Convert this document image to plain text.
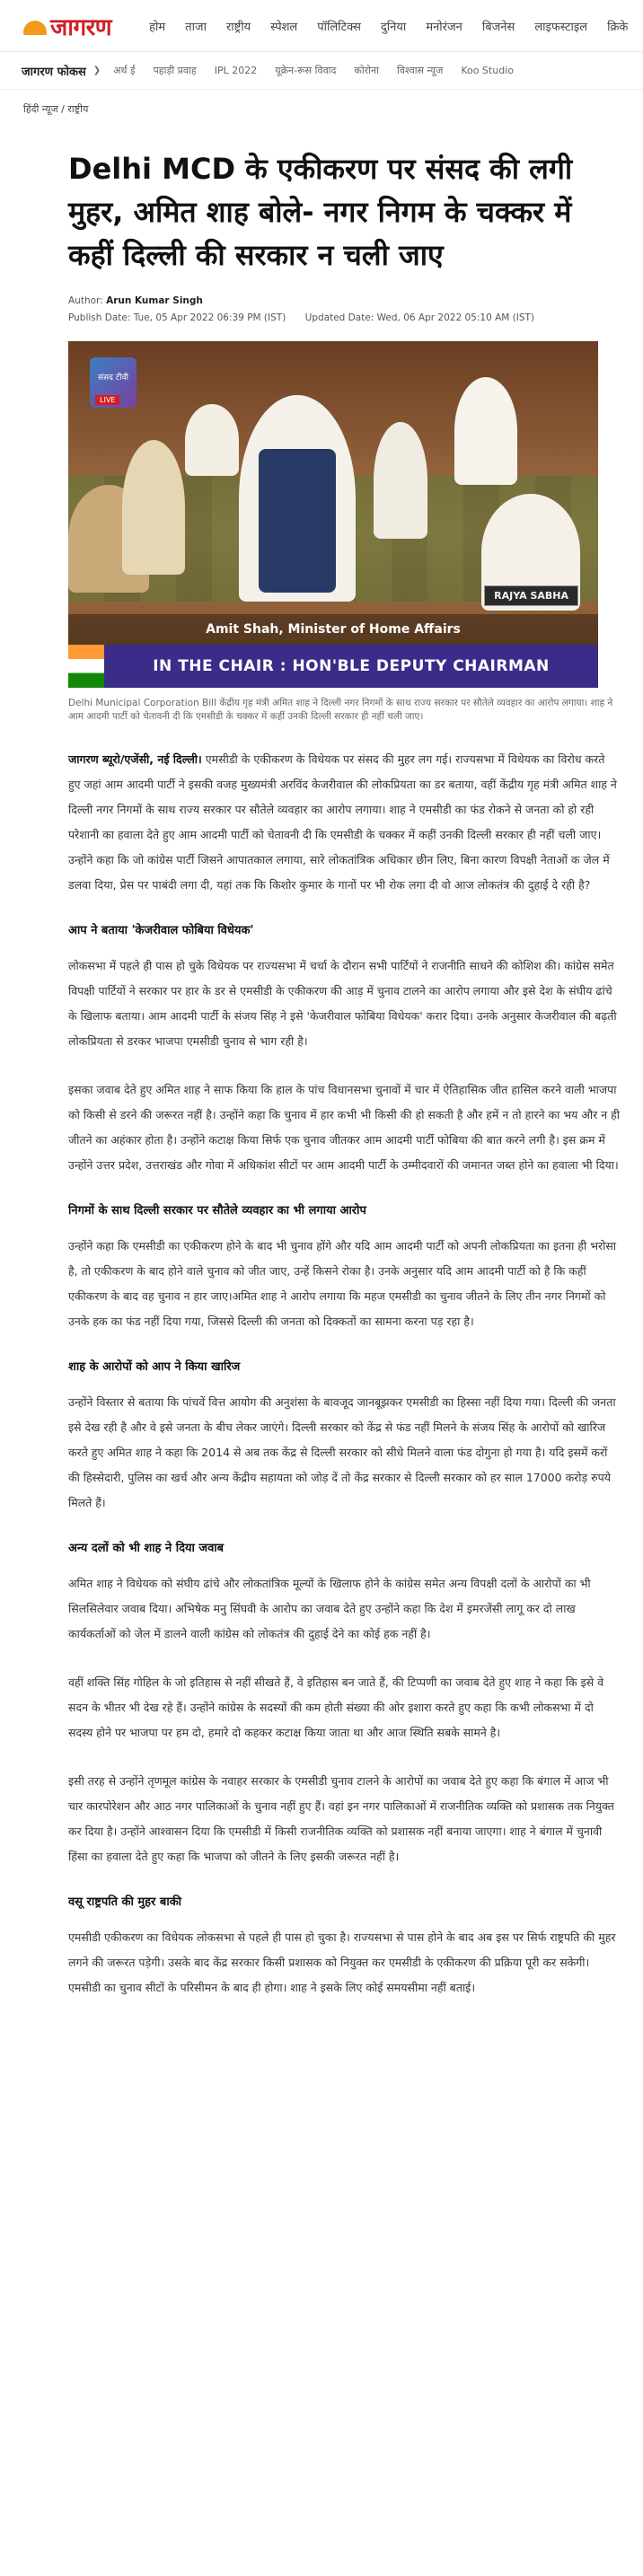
जागरण	होम ताजा राष्ट्रीय स्पेशल पॉलिटिक्स दुनिया मनोरंजन बिजनेस लाइफस्टाइल क्रिके
जागरण फोकस ❯ अर्थ ई पहाड़ी प्रवाह IPL 2022 यूक्रेन-रूस विवाद कोरोना विश्वास न्यूज Koo Studio
हिंदी न्यूज / राष्ट्रीय
Delhi MCD के एकीकरण पर संसद की लगी मुहर, अमित शाह बोले- नगर निगम के चक्कर में कहीं दिल्ली की सरकार न चली जाए
Author: Arun Kumar Singh
Publish Date: Tue, 05 Apr 2022 06:39 PM (IST) Updated Date: Wed, 06 Apr 2022 05:10 AM (IST)
संसद टीवी
LIVE
RAJYA SABHA
Amit Shah, Minister of Home Affairs
IN THE CHAIR : HON'BLE DEPUTY CHAIRMAN

Delhi Municipal Corporation Bill केंद्रीय गृह मंत्री अमित शाह ने दिल्ली नगर निगमों के साथ राज्य सरकार पर सौतेले व्यवहार का आरोप लगाया। शाह ने आम आदमी पार्टी को चेतावनी दी कि एमसीडी के चक्कर में कहीं उनकी दिल्ली सरकार ही नहीं चली जाए।

जागरण ब्यूरो/एजेंसी, नई दिल्ली। एमसीडी के एकीकरण के विधेयक पर संसद की मुहर लग गई। राज्यसभा में विधेयक का विरोध करते हुए जहां आम आदमी पार्टी ने इसकी वजह मुख्यमंत्री अरविंद केजरीवाल की लोकप्रियता का डर बताया, वहीं केंद्रीय गृह मंत्री अमित शाह ने दिल्ली नगर निगमों के साथ राज्य सरकार पर सौतेले व्यवहार का आरोप लगाया। शाह ने एमसीडी का फंड रोकने से जनता को हो रही परेशानी का हवाला देते हुए आम आदमी पार्टी को चेतावनी दी कि एमसीडी के चक्कर में कहीं उनकी दिल्ली सरकार ही नहीं चली जाए। उन्होंने कहा कि जो कांग्रेस पार्टी जिसने आपातकाल लगाया, सारे लोकतांत्रिक अधिकार छीन लिए, बिना कारण विपक्षी नेताओं क जेल में डलवा दिया, प्रेस पर पाबंदी लगा दी, यहां तक कि किशोर कुमार के गानों पर भी रोक लगा दी वो आज लोकतंत्र की दुहाई दे रही है?

आप ने बताया 'केजरीवाल फोबिया विधेयक'

लोकसभा में पहले ही पास हो चुके विधेयक पर राज्यसभा में चर्चा के दौरान सभी पार्टियों ने राजनीति साधने की कोशिश की। कांग्रेस समेत विपक्षी पार्टियों ने सरकार पर हार के डर से एमसीडी के एकीकरण की आड़ में चुनाव टालने का आरोप लगाया और इसे देश के संघीय ढांचे के खिलाफ बताया। आम आदमी पार्टी के संजय सिंह ने इसे 'केजरीवाल फोबिया विधेयक' करार दिया। उनके अनुसार केजरीवाल की बढ़ती लोकप्रियता से डरकर भाजपा एमसीडी चुनाव से भाग रही है।

इसका जवाब देते हुए अमित शाह ने साफ किया कि हाल के पांच विधानसभा चुनावों में चार में ऐतिहासिक जीत हासिल करने वाली भाजपा को किसी से डरने की जरूरत नहीं है। उन्होंने कहा कि चुनाव में हार कभी भी किसी की हो सकती है और हमें न तो हारने का भय और न ही जीतने का अहंकार होता है। उन्होंने कटाक्ष किया सिर्फ एक चुनाव जीतकर आम आदमी पार्टी फोबिया की बात करने लगी है। इस क्रम में उन्होंने उत्तर प्रदेश, उत्तराखंड और गोवा में अधिकांश सीटों पर आम आदमी पार्टी के उम्मीदवारों की जमानत जब्त होने का हवाला भी दिया।

निगमों के साथ दिल्ली सरकार पर सौतेले व्यवहार का भी लगाया आरोप

उन्होंने कहा कि एमसीडी का एकीकरण होने के बाद भी चुनाव होंगे और यदि आम आदमी पार्टी को अपनी लोकप्रियता का इतना ही भरोसा है, तो एकीकरण के बाद होने वाले चुनाव को जीत जाए, उन्हें किसने रोका है। उनके अनुसार यदि आम आदमी पार्टी को है कि कहीं एकीकरण के बाद वह चुनाव न हार जाए।अमित शाह ने आरोप लगाया कि महज एमसीडी का चुनाव जीतने के लिए तीन नगर निगमों को उनके हक का फंड नहीं दिया गया, जिससे दिल्ली की जनता को दिक्कतों का सामना करना पड़ रहा है।

शाह के आरोपों को आप ने किया खारिज

उन्होंने विस्तार से बताया कि पांचवें वित्त आयोग की अनुशंसा के बावजूद जानबूझकर एमसीडी का हिस्सा नहीं दिया गया। दिल्ली की जनता इसे देख रही है और वे इसे जनता के बीच लेकर जाएंगे। दिल्ली सरकार को केंद्र से फंड नहीं मिलने के संजय सिंह के आरोपों को खारिज करते हुए अमित शाह ने कहा कि 2014 से अब तक केंद्र से दिल्ली सरकार को सीधे मिलने वाला फंड दोगुना हो गया है। यदि इसमें करों की हिस्सेदारी, पुलिस का खर्च और अन्य केंद्रीय सहायता को जोड़ दें तो केंद्र सरकार से दिल्ली सरकार को हर साल 17000 करोड़ रुपये मिलते हैं।

अन्य दलों को भी शाह ने दिया जवाब

अमित शाह ने विधेयक को संघीय ढांचे और लोकतांत्रिक मूल्यों के खिलाफ होने के कांग्रेस समेत अन्य विपक्षी दलों के आरोपों का भी सिलसिलेवार जवाब दिया। अभिषेक मनु सिंघवी के आरोप का जवाब देते हुए उन्होंने कहा कि देश में इमरजेंसी लागू कर दो लाख कार्यकर्ताओं को जेल में डालने वाली कांग्रेस को लोकतंत्र की दुहाई देने का कोई हक नहीं है।

वहीं शक्ति सिंह गोहिल के जो इतिहास से नहीं सीखते हैं, वे इतिहास बन जाते हैं, की टिप्पणी का जवाब देते हुए शाह ने कहा कि इसे वे सदन के भीतर भी देख रहे हैं। उन्होंने कांग्रेस के सदस्यों की कम होती संख्या की ओर इशारा करते हुए कहा कि कभी लोकसभा में दो सदस्य होने पर भाजपा पर हम दो, हमारे दो कहकर कटाक्ष किया जाता था और आज स्थिति सबके सामने है।

इसी तरह से उन्होंने तृणमूल कांग्रेस के नवाहर सरकार के एमसीडी चुनाव टालने के आरोपों का जवाब देते हुए कहा कि बंगाल में आज भी चार कारपोरेशन और आठ नगर पालिकाओं के चुनाव नहीं हुए हैं। वहां इन नगर पालिकाओं में राजनीतिक व्यक्ति को प्रशासक तक नियुक्त कर दिया है। उन्होंने आश्वासन दिया कि एमसीडी में किसी राजनीतिक व्यक्ति को प्रशासक नहीं बनाया जाएगा। शाह ने बंगाल में चुनावी हिंसा का हवाला देते हुए कहा कि भाजपा को जीतने के लिए इसकी जरूरत नहीं है।

वसू राष्ट्रपति की मुहर बाकी

एमसीडी एकीकरण का विधेयक लोकसभा से पहले ही पास हो चुका है। राज्यसभा से पास होने के बाद अब इस पर सिर्फ राष्ट्रपति की मुहर लगने की जरूरत पड़ेगी। उसके बाद केंद्र सरकार किसी प्रशासक को नियुक्त कर एमसीडी के एकीकरण की प्रक्रिया पूरी कर सकेगी। एमसीडी का चुनाव सीटों के परिसीमन के बाद ही होगा। शाह ने इसके लिए कोई समयसीमा नहीं बताई।
